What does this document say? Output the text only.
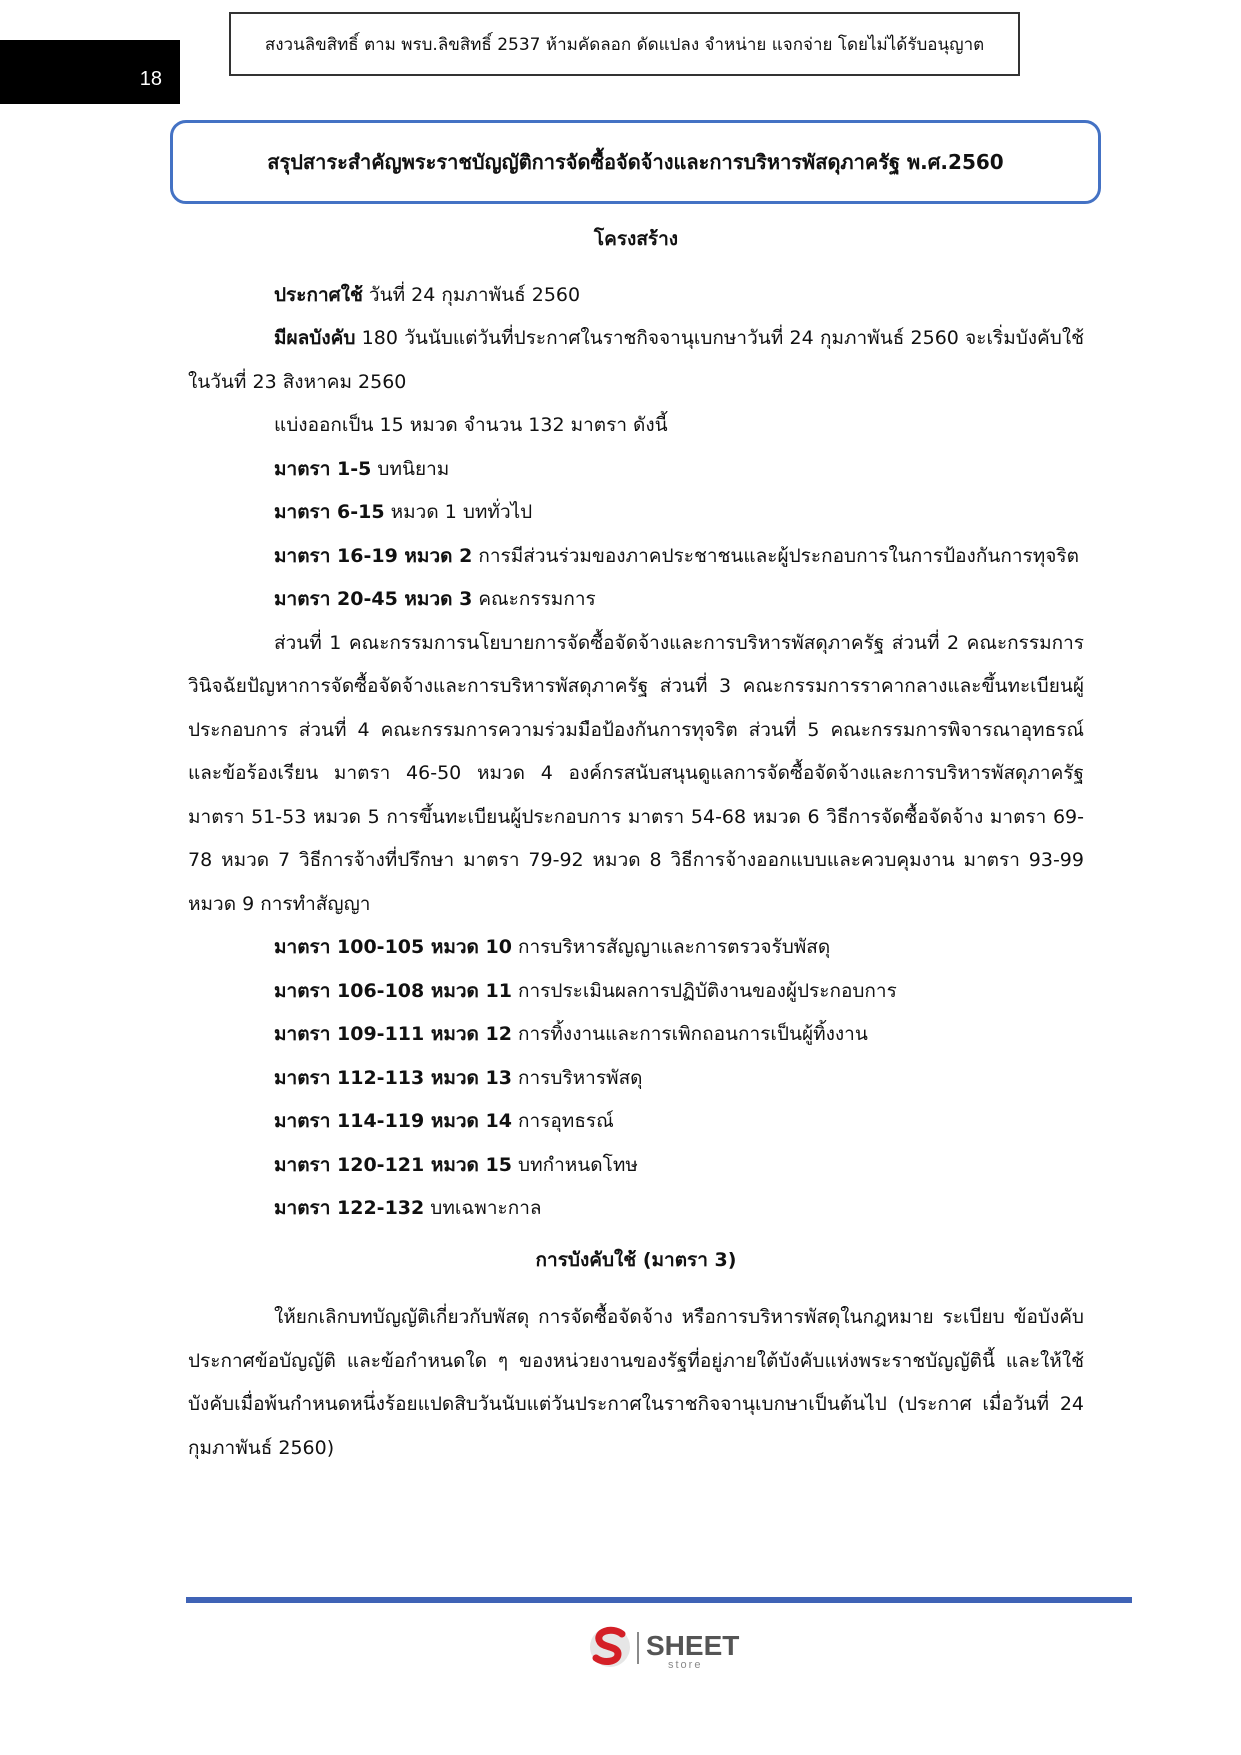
18
สงวนลิขสิทธิ์ ตาม พรบ.ลิขสิทธิ์ 2537 ห้ามคัดลอก ดัดแปลง จำหน่าย แจกจ่าย โดยไม่ได้รับอนุญาต
สรุปสาระสำคัญพระราชบัญญัติการจัดซื้อจัดจ้างและการบริหารพัสดุภาครัฐ พ.ศ.2560

โครงสร้าง

ประกาศใช้ วันที่ 24 กุมภาพันธ์ 2560

มีผลบังคับ 180 วันนับแต่วันที่ประกาศในราชกิจจานุเบกษาวันที่ 24 กุมภาพันธ์ 2560 จะเริ่มบังคับใช้ในวันที่ 23 สิงหาคม 2560

แบ่งออกเป็น 15 หมวด จำนวน 132 มาตรา ดังนี้

มาตรา 1-5 บทนิยาม

มาตรา 6-15 หมวด 1 บททั่วไป

มาตรา 16-19 หมวด 2 การมีส่วนร่วมของภาคประชาชนและผู้ประกอบการในการป้องกันการทุจริต

มาตรา 20-45 หมวด 3 คณะกรรมการ

ส่วนที่ 1 คณะกรรมการนโยบายการจัดซื้อจัดจ้างและการบริหารพัสดุภาครัฐ ส่วนที่ 2 คณะกรรมการวินิจฉัยปัญหาการจัดซื้อจัดจ้างและการบริหารพัสดุภาครัฐ ส่วนที่ 3 คณะกรรมการราคากลางและขึ้นทะเบียนผู้ประกอบการ ส่วนที่ 4 คณะกรรมการความร่วมมือป้องกันการทุจริต ส่วนที่ 5 คณะกรรมการพิจารณาอุทธรณ์และข้อร้องเรียน มาตรา 46-50 หมวด 4 องค์กรสนับสนุนดูแลการจัดซื้อจัดจ้างและการบริหารพัสดุภาครัฐ มาตรา 51-53 หมวด 5 การขึ้นทะเบียนผู้ประกอบการ มาตรา 54-68 หมวด 6 วิธีการจัดซื้อจัดจ้าง มาตรา 69-78 หมวด 7 วิธีการจ้างที่ปรึกษา มาตรา 79-92 หมวด 8 วิธีการจ้างออกแบบและควบคุมงาน มาตรา 93-99 หมวด 9 การทำสัญญา

มาตรา 100-105 หมวด 10 การบริหารสัญญาและการตรวจรับพัสดุ

มาตรา 106-108 หมวด 11 การประเมินผลการปฏิบัติงานของผู้ประกอบการ

มาตรา 109-111 หมวด 12 การทิ้งงานและการเพิกถอนการเป็นผู้ทิ้งงาน

มาตรา 112-113 หมวด 13 การบริหารพัสดุ

มาตรา 114-119 หมวด 14 การอุทธรณ์

มาตรา 120-121 หมวด 15 บทกำหนดโทษ

มาตรา 122-132 บทเฉพาะกาล

การบังคับใช้ (มาตรา 3)

ให้ยกเลิกบทบัญญัติเกี่ยวกับพัสดุ การจัดซื้อจัดจ้าง หรือการบริหารพัสดุในกฎหมาย ระเบียบ ข้อบังคับประกาศข้อบัญญัติ และข้อกำหนดใด ๆ ของหน่วยงานของรัฐที่อยู่ภายใต้บังคับแห่งพระราชบัญญัตินี้ และให้ใช้บังคับเมื่อพ้นกำหนดหนึ่งร้อยแปดสิบวันนับแต่วันประกาศในราชกิจจานุเบกษาเป็นต้นไป (ประกาศ เมื่อวันที่ 24 กุมภาพันธ์ 2560)

SHEET
store
